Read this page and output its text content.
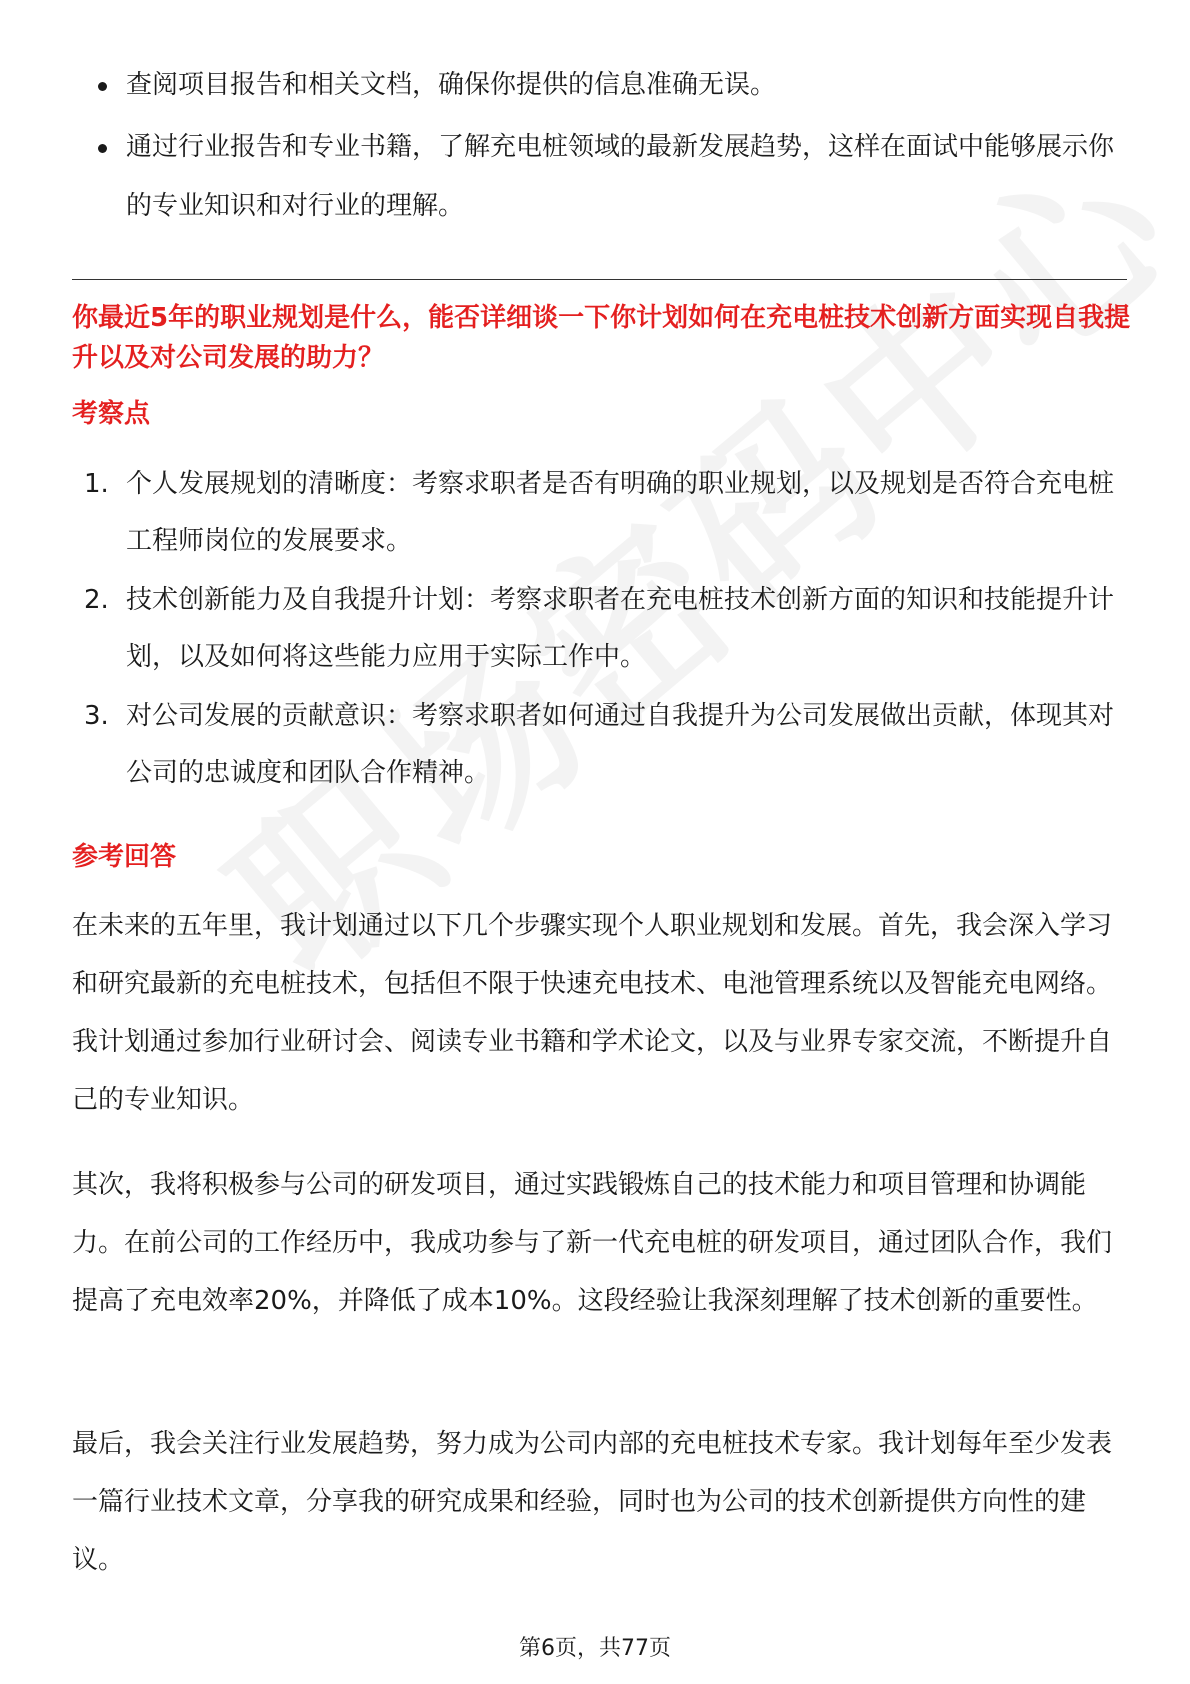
查阅项目报告和相关文档，确保你提供的信息准确无误。
通过行业报告和专业书籍，了解充电桩领域的最新发展趋势，这样在面试中能够展示你的专业知识和对行业的理解。
你最近5年的职业规划是什么，能否详细谈一下你计划如何在充电桩技术创新方面实现自我提升以及对公司发展的助力？
考察点
1. 个人发展规划的清晰度：考察求职者是否有明确的职业规划，以及规划是否符合充电桩工程师岗位的发展要求。
2. 技术创新能力及自我提升计划：考察求职者在充电桩技术创新方面的知识和技能提升计划，以及如何将这些能力应用于实际工作中。
3. 对公司发展的贡献意识：考察求职者如何通过自我提升为公司发展做出贡献，体现其对公司的忠诚度和团队合作精神。
参考回答

在未来的五年里，我计划通过以下几个步骤实现个人职业规划和发展。首先，我会深入学习和研究最新的充电桩技术，包括但不限于快速充电技术、电池管理系统以及智能充电网络。我计划通过参加行业研讨会、阅读专业书籍和学术论文，以及与业界专家交流，不断提升自己的专业知识。

其次，我将积极参与公司的研发项目，通过实践锻炼自己的技术能力和项目管理和协调能力。在前公司的工作经历中，我成功参与了新一代充电桩的研发项目，通过团队合作，我们提高了充电效率20%，并降低了成本10%。这段经验让我深刻理解了技术创新的重要性。

最后，我会关注行业发展趋势，努力成为公司内部的充电桩技术专家。我计划每年至少发表一篇行业技术文章，分享我的研究成果和经验，同时也为公司的技术创新提供方向性的建议。

第6页，共77页
